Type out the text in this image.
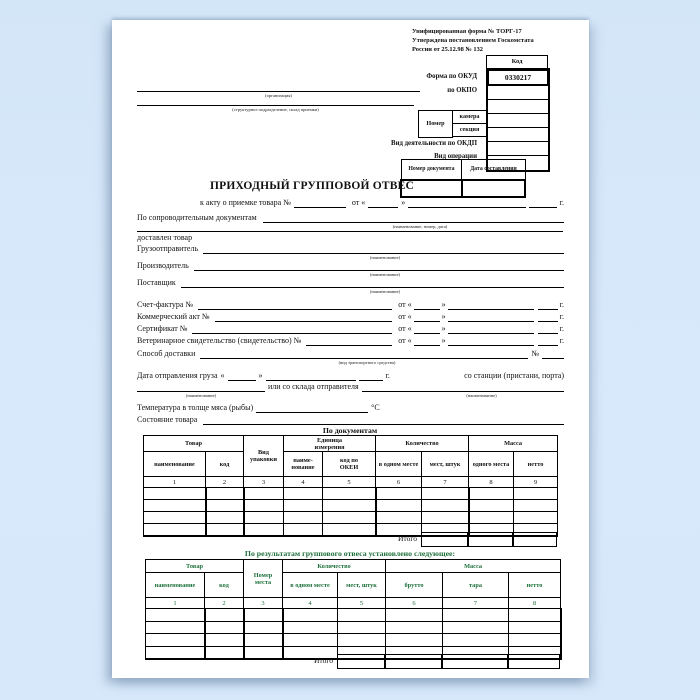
Унифицированная форма № ТОРГ-17
Утверждена постановлением Госкомстата
России от 25.12.98 № 132
Код
0330217
Форма по ОКУД
по ОКПО
Номер
камера
секция
Вид деятельности по ОКДП
Вид операции
(организация)
(структурное подразделение, склад приемки)
Номер документа	Дата составления

ПРИХОДНЫЙ ГРУППОВОЙ ОТВЕС
к акту о приемке товара №	от «	»	г.
По сопроводительным документам
(наименование, номер, дата)
доставлен товар
Грузоотправитель
(наименование)
Производитель
(наименование)
Поставщик
(наименование)
Счет-фактура №	от «	»	г.
Коммерческий акт №	от «	»	г.
Сертификат №	от «	»	г.
Ветеринарное свидетельство (свидетельство) №	от «	»	г.
Способ доставки	№
(вид транспортного средства)
Дата отправления груза «	»	г.	со станции (пристани, порта)
или со склада отправителя
(наименование)	(наименование)
Температура в толще мяса (рыбы)	°С
Состояние товара
По документам
Товар		Вид упаковки	Единица измерения		Количество		Масса	
наименование	код		наиме-нование	код по ОКЕИ	в одном месте	мест, штук	одного места	нетто
1	2	3	4	5	6	7	8	9

Итого
По результатам группового отвеса установлено следующее:
Товар		Номер места	Количество		Масса		
наименование	код		в одном месте	мест, штук	брутто	тара	нетто
1	2	3	4	5	6	7	8

Итого
